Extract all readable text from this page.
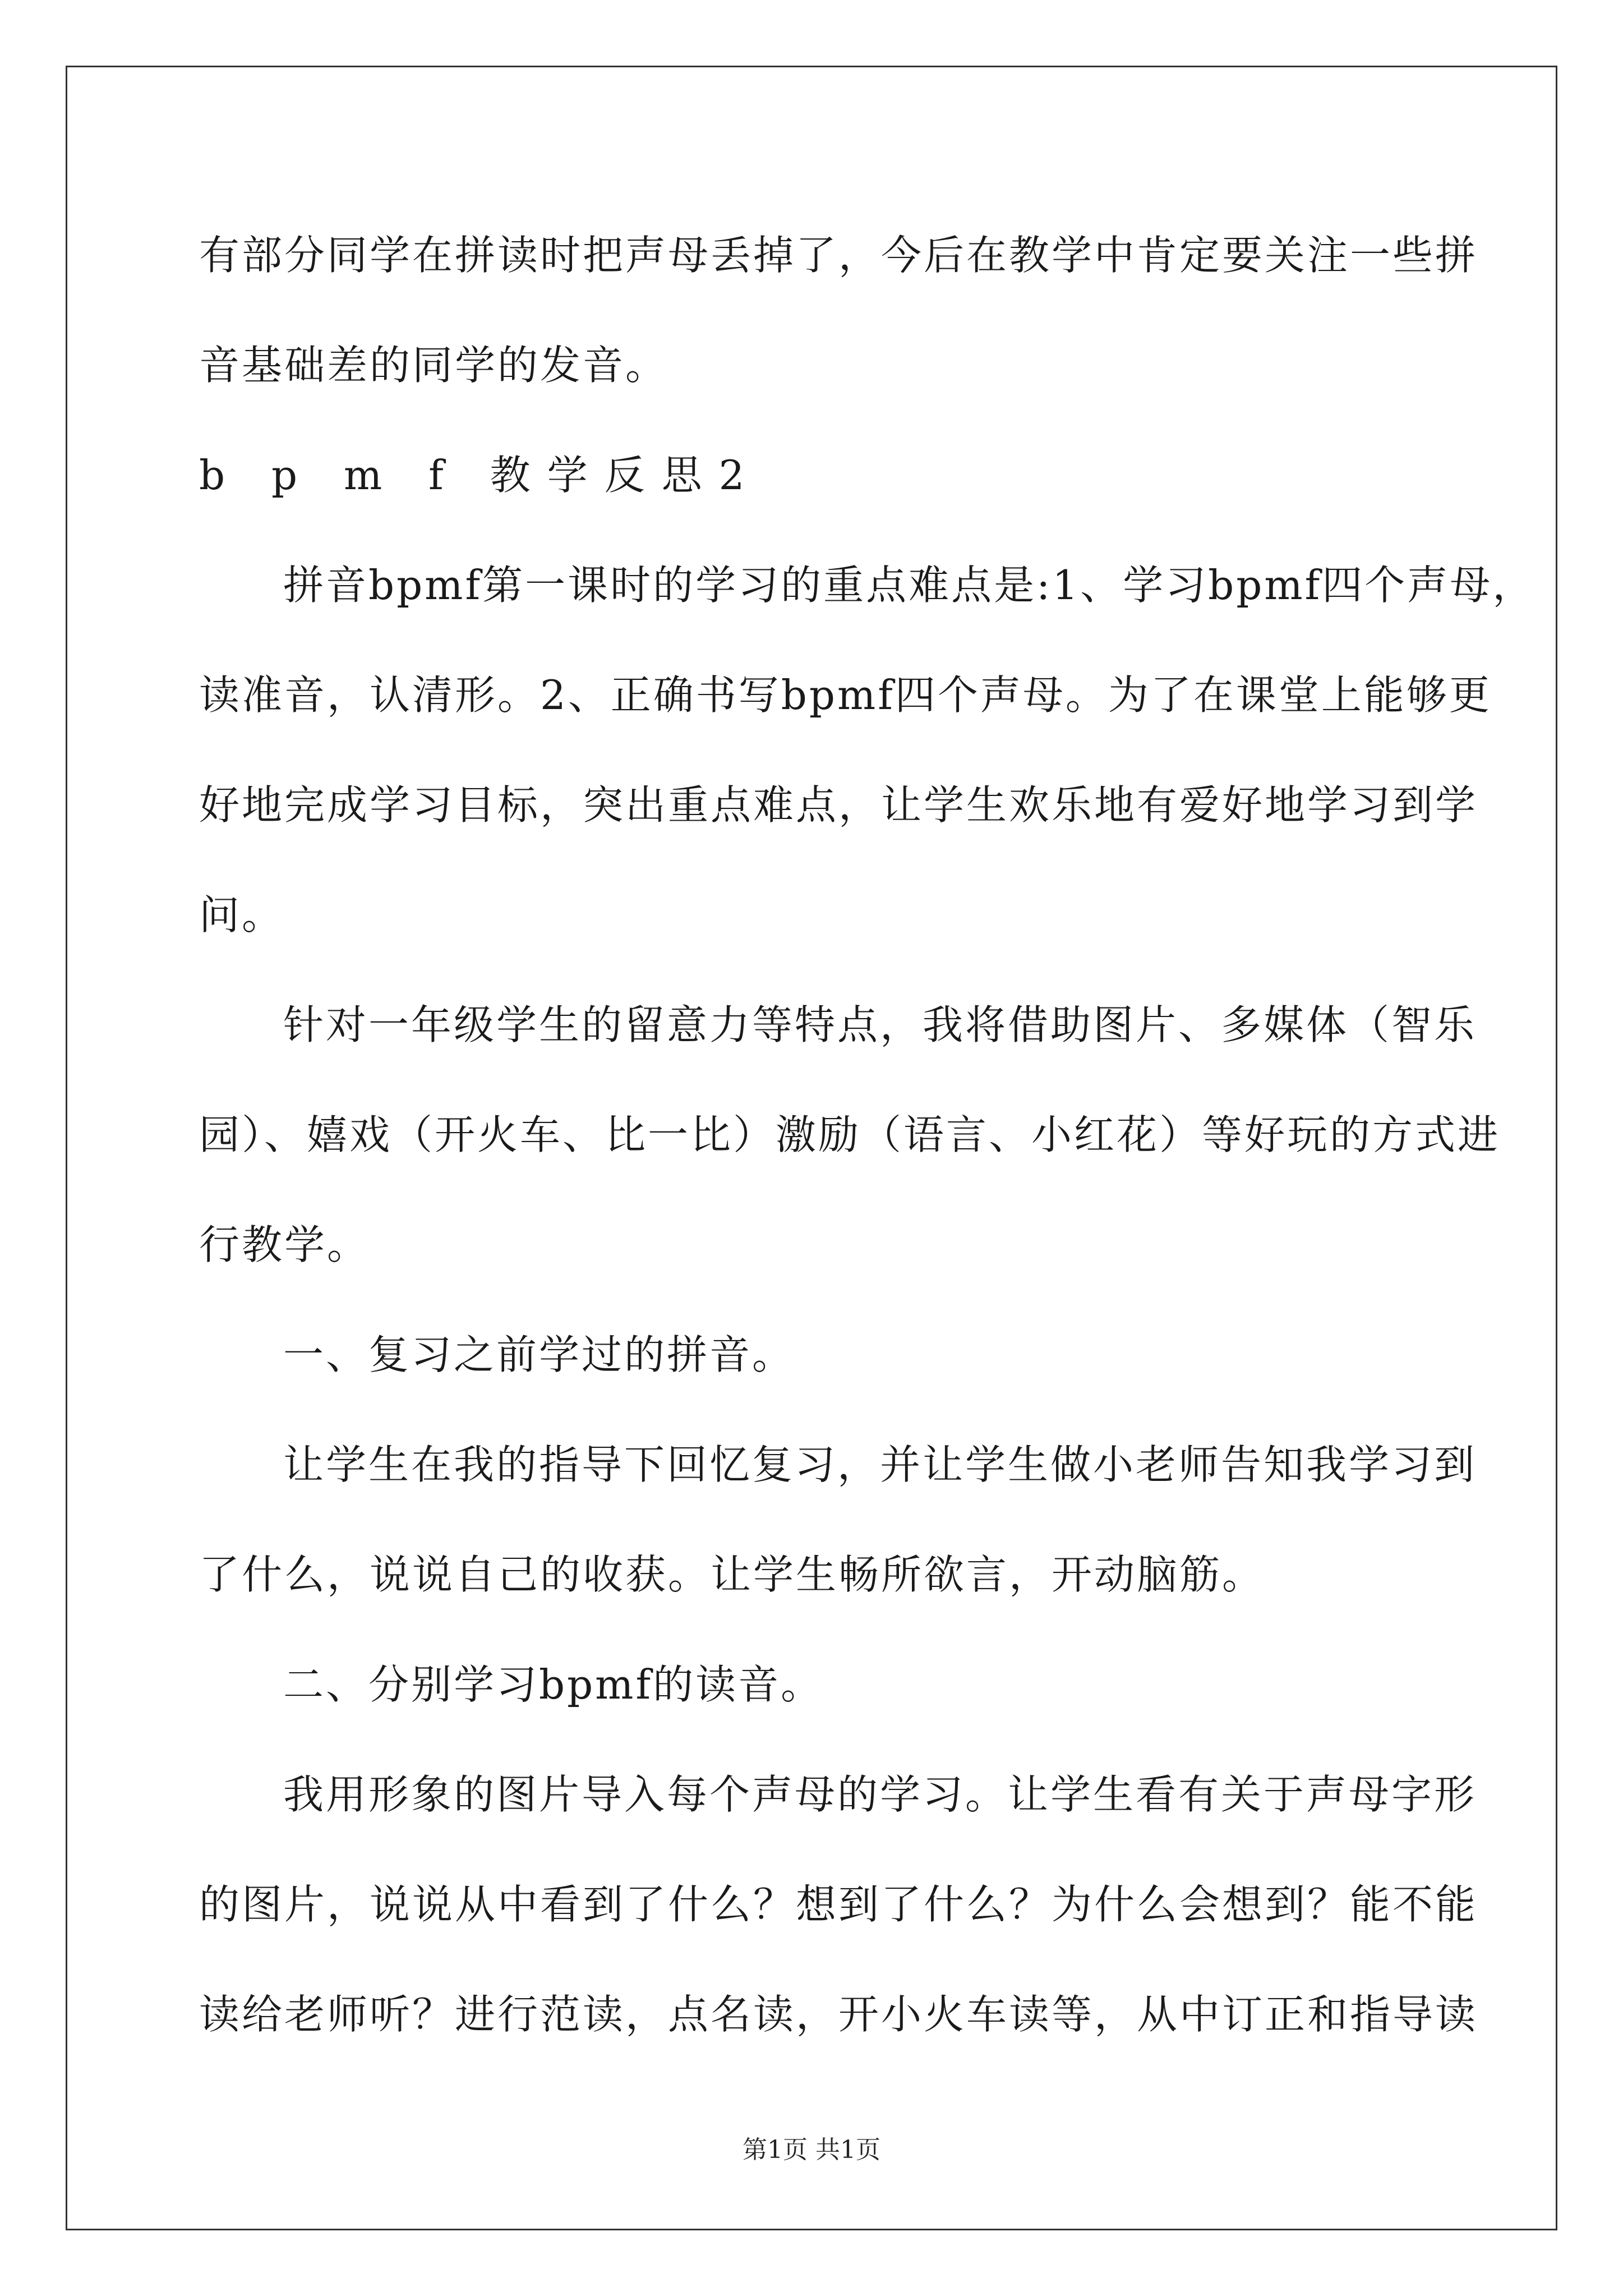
有部分同学在拼读时把声母丢掉了，今后在教学中肯定要关注一些拼
音基础差的同学的发音。
b p m f 教学反思2
拼音bpmf第一课时的学习的重点难点是:1、学习bpmf四个声母，
读准音，认清形。2、正确书写bpmf四个声母。为了在课堂上能够更
好地完成学习目标，突出重点难点，让学生欢乐地有爱好地学习到学
问。
针对一年级学生的留意力等特点，我将借助图片、多媒体（智乐
园）、嬉戏（开火车、比一比）激励（语言、小红花）等好玩的方式进
行教学。
一、复习之前学过的拼音。
让学生在我的指导下回忆复习，并让学生做小老师告知我学习到
了什么，说说自己的收获。让学生畅所欲言，开动脑筋。
二、分别学习bpmf的读音。
我用形象的图片导入每个声母的学习。让学生看有关于声母字形
的图片，说说从中看到了什么？想到了什么？为什么会想到？能不能
读给老师听？进行范读，点名读，开小火车读等，从中订正和指导读
第1页 共1页
